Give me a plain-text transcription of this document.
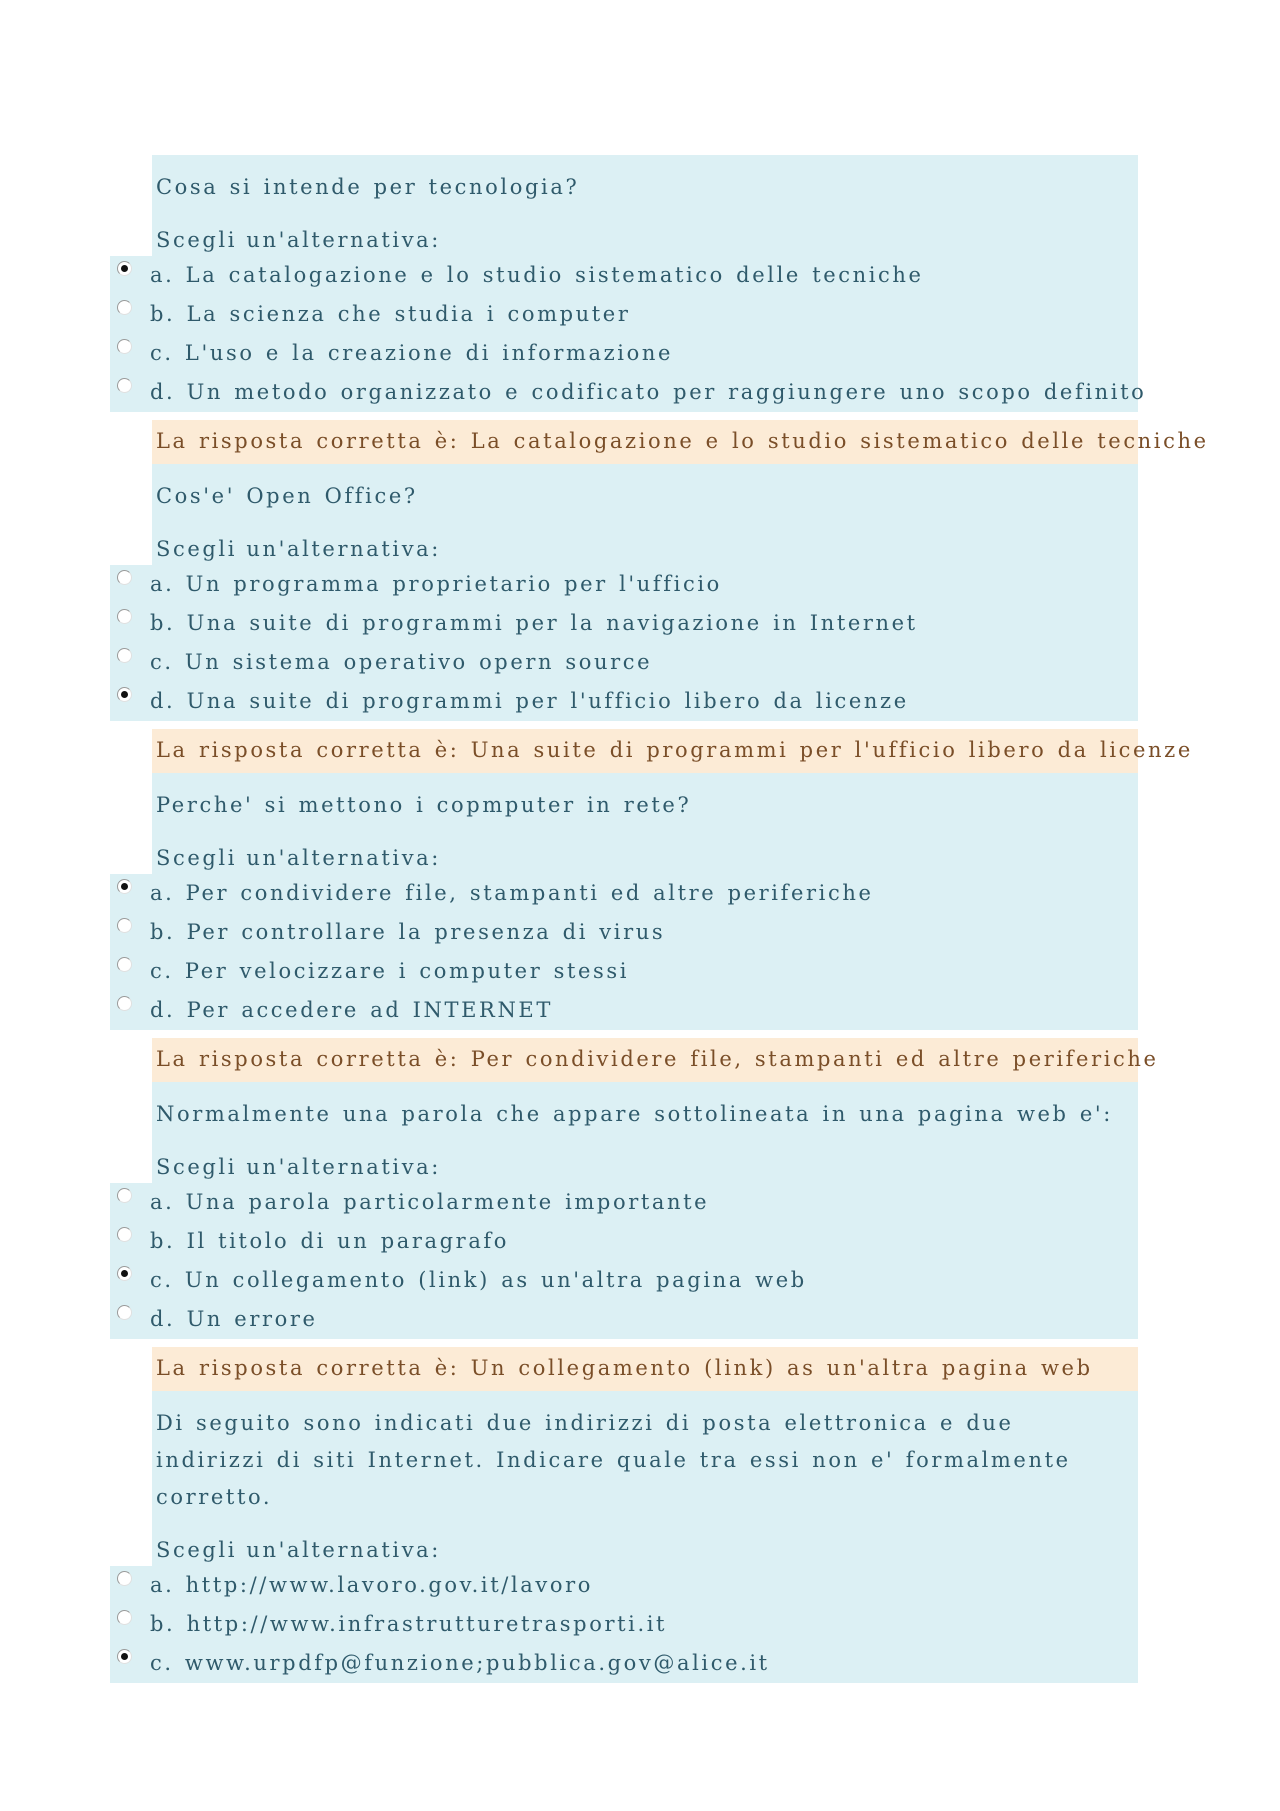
Cosa si intende per tecnologia?
Scegli un'alternativa:
a. La catalogazione e lo studio sistematico delle tecniche
b. La scienza che studia i computer
c. L'uso e la creazione di informazione
d. Un metodo organizzato e codificato per raggiungere uno scopo definito
La risposta corretta è: La catalogazione e lo studio sistematico delle tecniche
Cos'e' Open Office?
Scegli un'alternativa:
a. Un programma proprietario per l'ufficio
b. Una suite di programmi per la navigazione in Internet
c. Un sistema operativo opern source
d. Una suite di programmi per l'ufficio libero da licenze
La risposta corretta è: Una suite di programmi per l'ufficio libero da licenze
Perche' si mettono i copmputer in rete?
Scegli un'alternativa:
a. Per condividere file, stampanti ed altre periferiche
b. Per controllare la presenza di virus
c. Per velocizzare i computer stessi
d. Per accedere ad INTERNET
La risposta corretta è: Per condividere file, stampanti ed altre periferiche
Normalmente una parola che appare sottolineata in una pagina web e':
Scegli un'alternativa:
a. Una parola particolarmente importante
b. Il titolo di un paragrafo
c. Un collegamento (link) as un'altra pagina web
d. Un errore
La risposta corretta è: Un collegamento (link) as un'altra pagina web
Di seguito sono indicati due indirizzi di posta elettronica e due indirizzi di siti Internet. Indicare quale tra essi non e' formalmente corretto.
Scegli un'alternativa:
a. http://www.lavoro.gov.it/lavoro
b. http://www.infrastrutturetrasporti.it
c. www.urpdfp@funzione;pubblica.gov@alice.it
